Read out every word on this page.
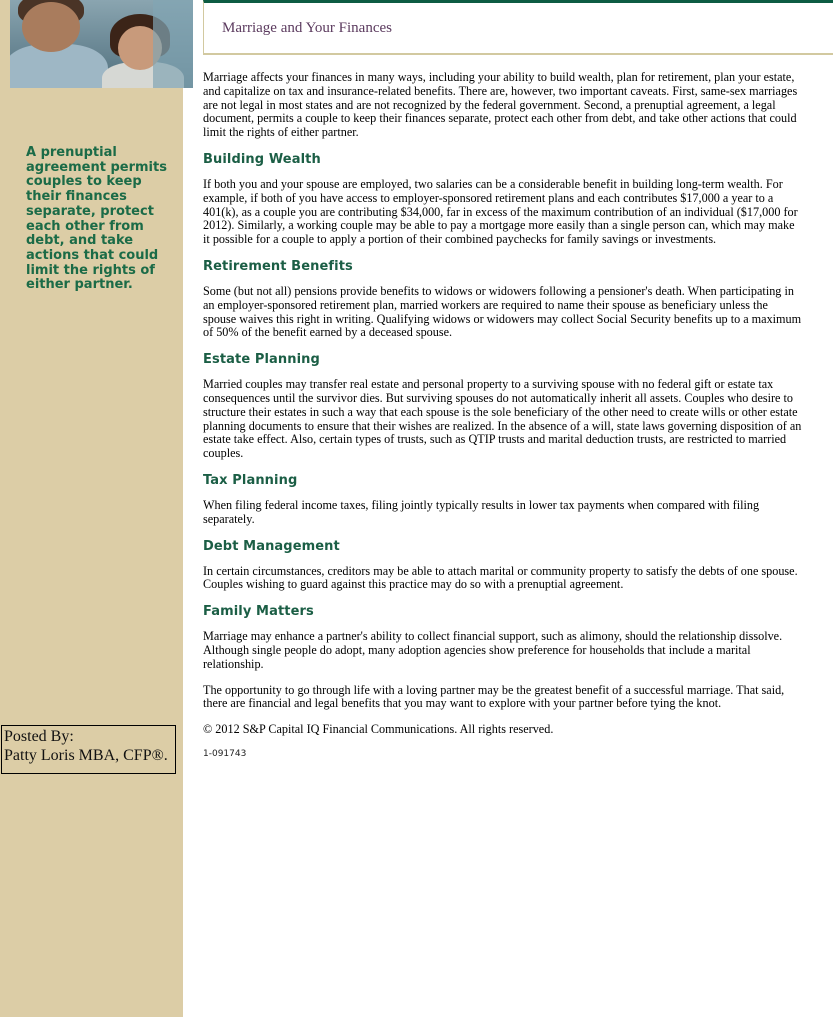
A prenuptial agreement permits couples to keep their finances separate, protect each other from debt, and take actions that could limit the rights of either partner.
Posted By:
Patty Loris MBA, CFP®.
Marriage and Your Finances

Marriage affects your finances in many ways, including your ability to build wealth, plan for retirement, plan your estate, and capitalize on tax and insurance-related benefits. There are, however, two important caveats. First, same-sex marriages are not legal in most states and are not recognized by the federal government. Second, a prenuptial agreement, a legal document, permits a couple to keep their finances separate, protect each other from debt, and take other actions that could limit the rights of either partner.

Building Wealth

If both you and your spouse are employed, two salaries can be a considerable benefit in building long-term wealth. For example, if both of you have access to employer-sponsored retirement plans and each contributes $17,000 a year to a 401(k), as a couple you are contributing $34,000, far in excess of the maximum contribution of an individual ($17,000 for 2012). Similarly, a working couple may be able to pay a mortgage more easily than a single person can, which may make it possible for a couple to apply a portion of their combined paychecks for family savings or investments.

Retirement Benefits

Some (but not all) pensions provide benefits to widows or widowers following a pensioner's death. When participating in an employer-sponsored retirement plan, married workers are required to name their spouse as beneficiary unless the spouse waives this right in writing. Qualifying widows or widowers may collect Social Security benefits up to a maximum of 50% of the benefit earned by a deceased spouse.

Estate Planning

Married couples may transfer real estate and personal property to a surviving spouse with no federal gift or estate tax consequences until the survivor dies. But surviving spouses do not automatically inherit all assets. Couples who desire to structure their estates in such a way that each spouse is the sole beneficiary of the other need to create wills or other estate planning documents to ensure that their wishes are realized. In the absence of a will, state laws governing disposition of an estate take effect. Also, certain types of trusts, such as QTIP trusts and marital deduction trusts, are restricted to married couples.

Tax Planning

When filing federal income taxes, filing jointly typically results in lower tax payments when compared with filing separately.

Debt Management

In certain circumstances, creditors may be able to attach marital or community property to satisfy the debts of one spouse. Couples wishing to guard against this practice may do so with a prenuptial agreement.

Family Matters

Marriage may enhance a partner's ability to collect financial support, such as alimony, should the relationship dissolve. Although single people do adopt, many adoption agencies show preference for households that include a marital relationship.

The opportunity to go through life with a loving partner may be the greatest benefit of a successful marriage. That said, there are financial and legal benefits that you may want to explore with your partner before tying the knot.

© 2012 S&P Capital IQ Financial Communications. All rights reserved.

1-091743
